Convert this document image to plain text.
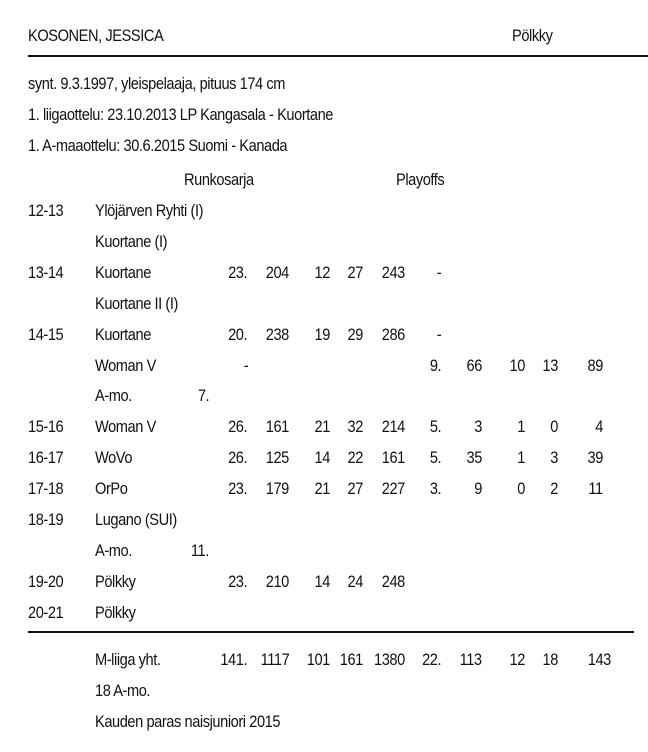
KOSONEN, JESSICA	Pölkky
synt. 9.3.1997, yleispelaaja, pituus 174 cm
1. liigaottelu: 23.10.2013 LP Kangasala - Kuortane
1. A-maaottelu: 30.6.2015 Suomi - Kanada
Runkosarja	Playoffs
12-13 Ylöjärven Ryhti (I)
Kuortane (I)
13-14 Kuortane	23. 204 12 27 243 -
Kuortane II (I)
14-15 Kuortane	20. 238 19 29 286 -
Woman V	-	9. 66 10 13 89
A-mo.	7.
15-16 Woman V	26. 161 21 32 214 5. 3 1 0 4
16-17 WoVo	26. 125 14 22 161 5. 35 1 3 39
17-18 OrPo	23. 179 21 27 227 3. 9 0 2 11
18-19 Lugano (SUI)
A-mo.	11.
19-20 Pölkky	23. 210 14 24 248
20-21 Pölkky
M-liiga yht.	141. 1117 101 161 1380 22. 113 12 18 143
18 A-mo.
Kauden paras naisjuniori 2015
